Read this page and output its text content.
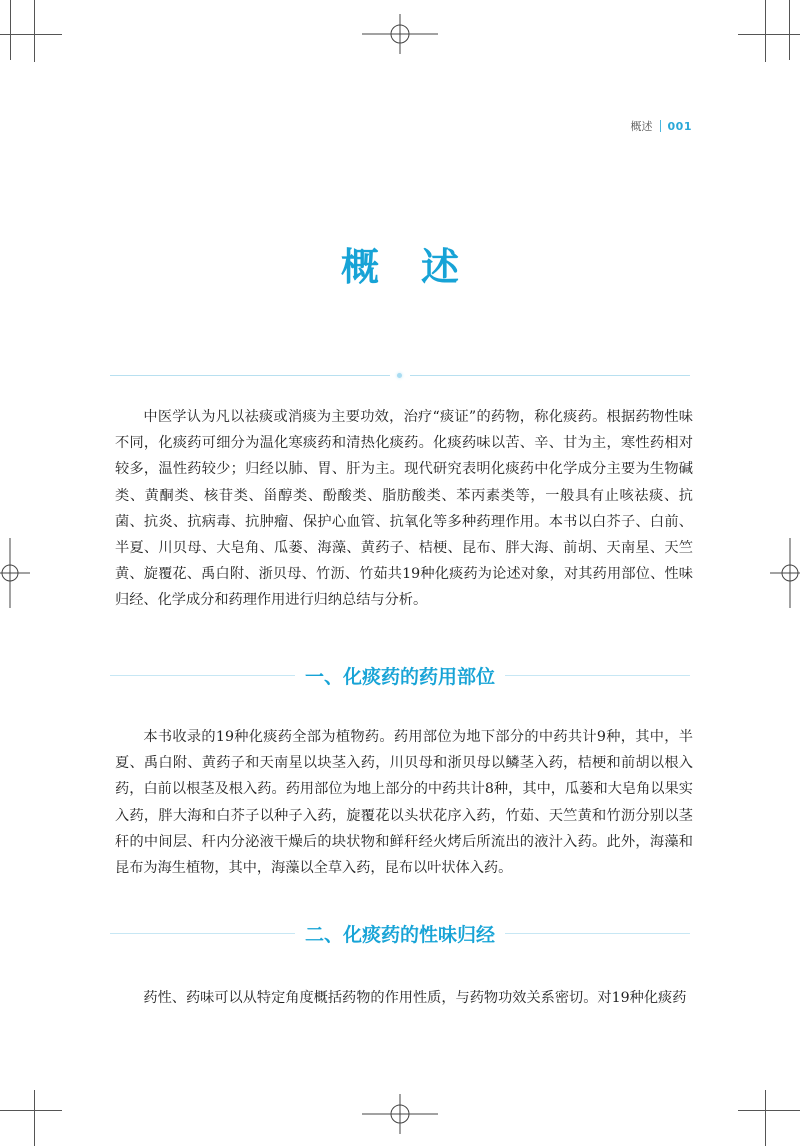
概述 001
概述

中医学认为凡以祛痰或消痰为主要功效，治疗“痰证”的药物，称化痰药。根据药物性味不同，化痰药可细分为温化寒痰药和清热化痰药。化痰药味以苦、辛、甘为主，寒性药相对较多，温性药较少；归经以肺、胃、肝为主。现代研究表明化痰药中化学成分主要为生物碱类、黄酮类、核苷类、甾醇类、酚酸类、脂肪酸类、苯丙素类等，一般具有止咳祛痰、抗菌、抗炎、抗病毒、抗肿瘤、保护心血管、抗氧化等多种药理作用。本书以白芥子、白前、半夏、川贝母、大皂角、瓜蒌、海藻、黄药子、桔梗、昆布、胖大海、前胡、天南星、天竺黄、旋覆花、禹白附、浙贝母、竹沥、竹茹共19种化痰药为论述对象，对其药用部位、性味归经、化学成分和药理作用进行归纳总结与分析。

一、化痰药的药用部位

本书收录的19种化痰药全部为植物药。药用部位为地下部分的中药共计9种，其中，半夏、禹白附、黄药子和天南星以块茎入药，川贝母和浙贝母以鳞茎入药，桔梗和前胡以根入药，白前以根茎及根入药。药用部位为地上部分的中药共计8种，其中，瓜蒌和大皂角以果实入药，胖大海和白芥子以种子入药，旋覆花以头状花序入药，竹茹、天竺黄和竹沥分别以茎秆的中间层、秆内分泌液干燥后的块状物和鲜秆经火烤后所流出的液汁入药。此外，海藻和昆布为海生植物，其中，海藻以全草入药，昆布以叶状体入药。

二、化痰药的性味归经

药性、药味可以从特定角度概括药物的作用性质，与药物功效关系密切。对19种化痰药
